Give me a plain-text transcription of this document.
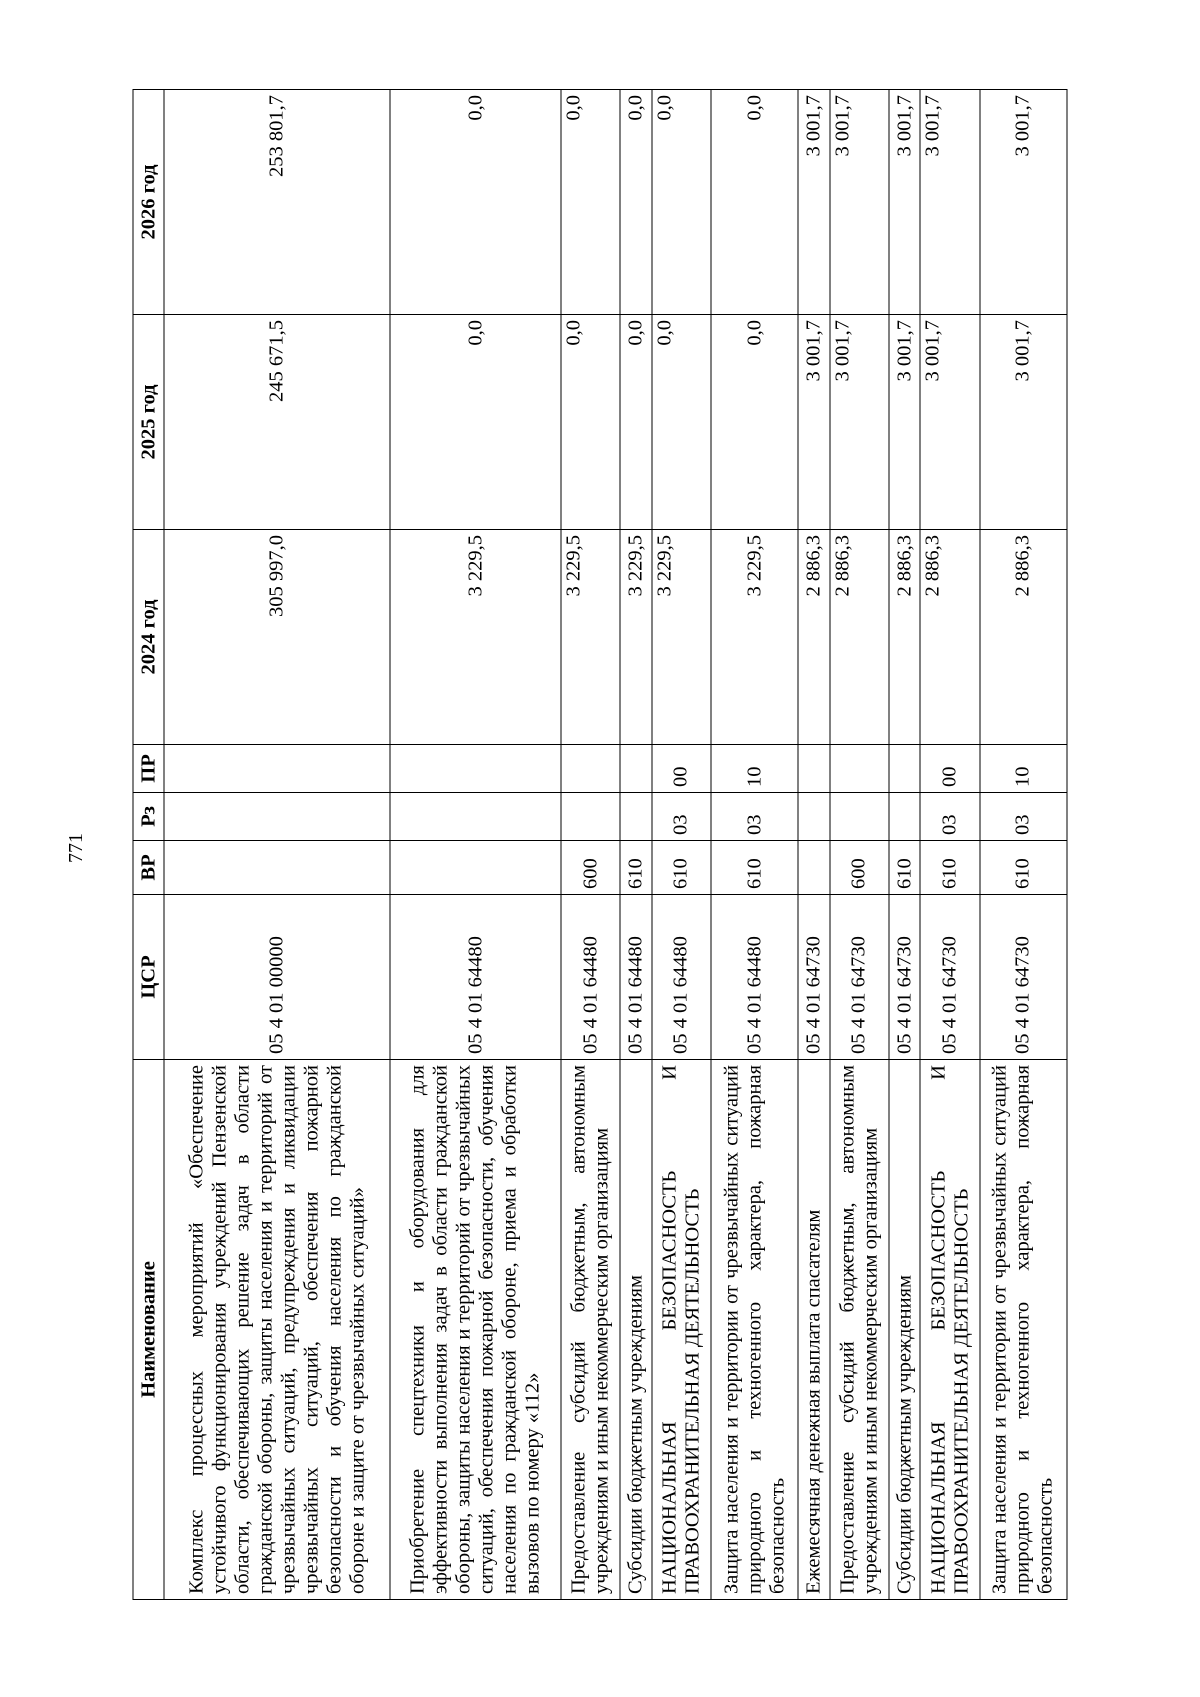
771
Наименование	ЦСР	ВР	Рз	ПР	2024 год	2025 год	2026 год
Комплекс процессных мероприятий «Обеспечение устойчивого функционирования учреждений Пензенской области, обеспечивающих решение задач в области гражданской обороны, защиты населения и территорий от чрезвычайных ситуаций, предупреждения и ликвидации чрезвычайных ситуаций, обеспечения пожарной безопасности и обучения населения по гражданской обороне и защите от чрезвычайных ситуаций»	05 4 01 00000				305 997,0	245 671,5	253 801,7
Приобретение спецтехники и оборудования для эффективности выполнения задач в области гражданской обороны, защиты населения и территорий от чрезвычайных ситуаций, обеспечения пожарной безопасности, обучения населения по гражданской обороне, приема и обработки вызовов по номеру «112»	05 4 01 64480				3 229,5	0,0	0,0
Предоставление субсидий бюджетным, автономным учреждениям и иным некоммерческим организациям	05 4 01 64480	600			3 229,5	0,0	0,0
Субсидии бюджетным учреждениям	05 4 01 64480	610			3 229,5	0,0	0,0
НАЦИОНАЛЬНАЯ БЕЗОПАСНОСТЬ И ПРАВООХРАНИТЕЛЬНАЯ ДЕЯТЕЛЬНОСТЬ	05 4 01 64480	610	03	00	3 229,5	0,0	0,0
Защита населения и территории от чрезвычайных ситуаций природного и техногенного характера, пожарная безопасность	05 4 01 64480	610	03	10	3 229,5	0,0	0,0
Ежемесячная денежная выплата спасателям	05 4 01 64730				2 886,3	3 001,7	3 001,7
Предоставление субсидий бюджетным, автономным учреждениям и иным некоммерческим организациям	05 4 01 64730	600			2 886,3	3 001,7	3 001,7
Субсидии бюджетным учреждениям	05 4 01 64730	610			2 886,3	3 001,7	3 001,7
НАЦИОНАЛЬНАЯ БЕЗОПАСНОСТЬ И ПРАВООХРАНИТЕЛЬНАЯ ДЕЯТЕЛЬНОСТЬ	05 4 01 64730	610	03	00	2 886,3	3 001,7	3 001,7
Защита населения и территории от чрезвычайных ситуаций природного и техногенного характера, пожарная безопасность	05 4 01 64730	610	03	10	2 886,3	3 001,7	3 001,7
